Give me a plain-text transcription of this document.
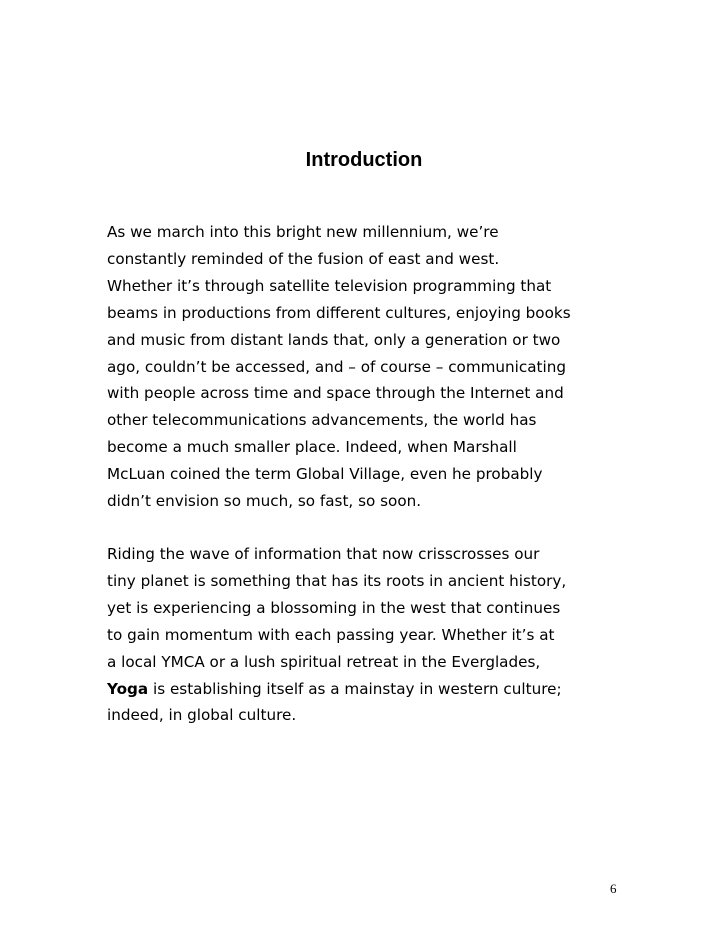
Introduction

As we march into this bright new millennium, we’re
constantly reminded of the fusion of east and west.
Whether it’s through satellite television programming that
beams in productions from different cultures, enjoying books
and music from distant lands that, only a generation or two
ago, couldn’t be accessed, and – of course – communicating
with people across time and space through the Internet and
other telecommunications advancements, the world has
become a much smaller place. Indeed, when Marshall
McLuan coined the term Global Village, even he probably
didn’t envision so much, so fast, so soon.

Riding the wave of information that now crisscrosses our
tiny planet is something that has its roots in ancient history,
yet is experiencing a blossoming in the west that continues
to gain momentum with each passing year. Whether it’s at
a local YMCA or a lush spiritual retreat in the Everglades,
Yoga is establishing itself as a mainstay in western culture;
indeed, in global culture.

6
